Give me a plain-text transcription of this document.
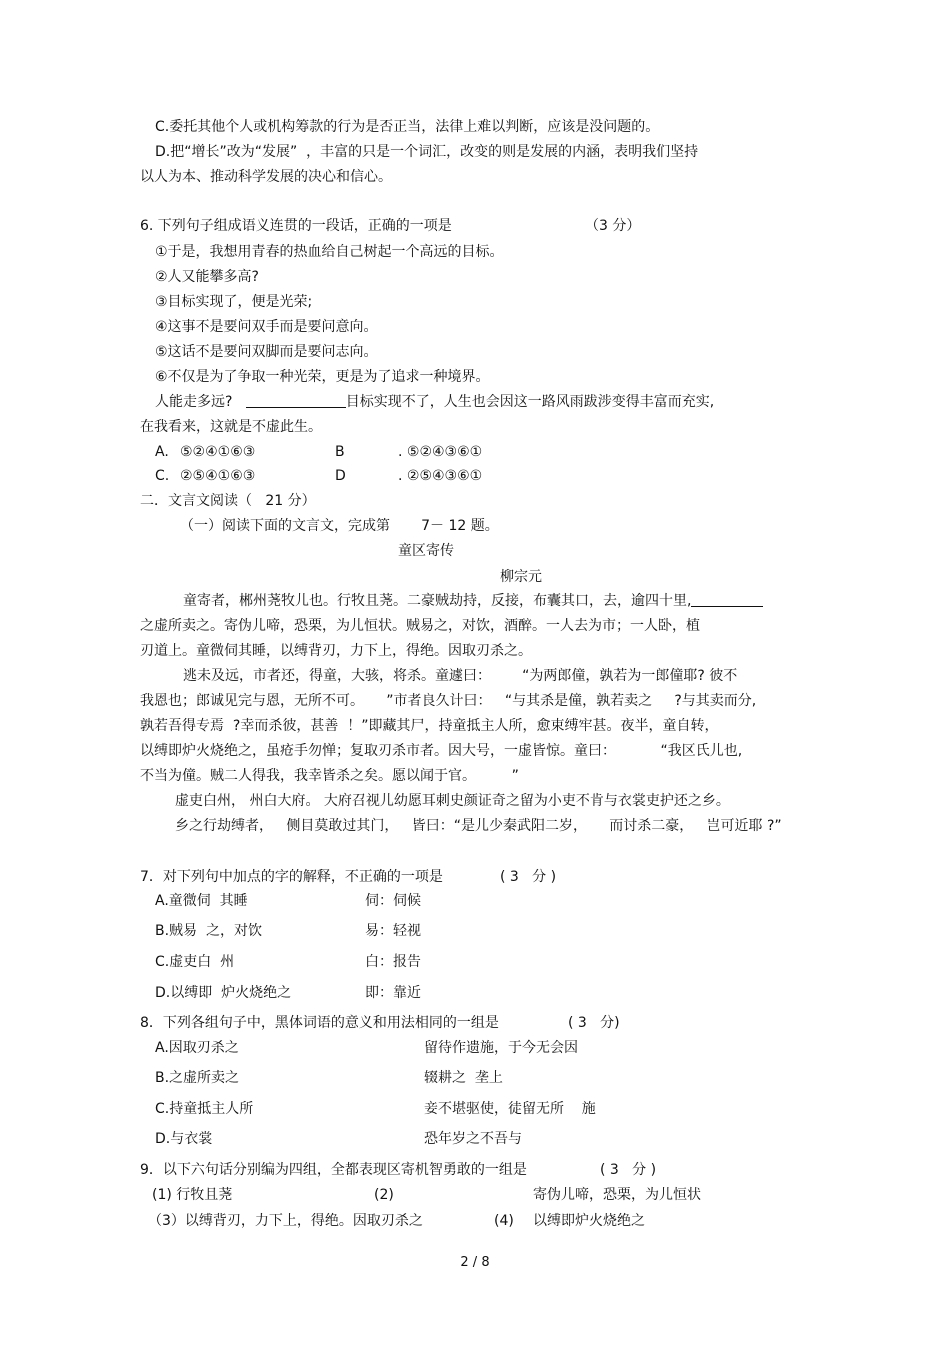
C.委托其他个人或机构筹款的行为是否正当，法律上难以判断，应该是没问题的。
D.把“增长”改为“发展”  ，丰富的只是一个词汇，改变的则是发展的内涵，表明我们坚持
以人为本、推动科学发展的决心和信心。
6. 下列句子组成语义连贯的一段话，正确的一项是	（3 分）
①于是，我想用青春的热血给自己树起一个高远的目标。
②人又能攀多高?
③目标实现了，便是光荣;
④这事不是要问双手而是要问意向。
⑤这话不是要问双脚而是要问志向。
⑥不仅是为了争取一种光荣，更是为了追求一种境界。
人能走多远?	目标实现不了，人生也会因这一路风雨跋涉变得丰富而充实,
在我看来，这就是不虚此生。
A. ⑤②④①⑥③	B	. ⑤②④③⑥①
C. ②⑤④①⑥③	D	. ②⑤④③⑥①
二．文言文阅读（   21 分）
（一）阅读下面的文言文，完成第       7－ 12 题。
童区寄传
柳宗元
童寄者，郴州荛牧儿也。行牧且荛。二豪贼劫持，反接，布囊其口，去，逾四十里,
之虚所卖之。寄伪儿啼，恐栗，为儿恒状。贼易之，对饮，酒醉。一人去为市；一人卧，植
刃道上。童微伺其睡，以缚背刃，力下上，得绝。因取刃杀之。
逃未及远，市者还，得童，大骇，将杀。童遽曰：       “为两郎僮，孰若为一郎僮耶? 彼不
我恩也；郎诚见完与恩，无所不可。     ”市者良久计曰：   “与其杀是僮，孰若卖之     ?与其卖而分,
孰若吾得专焉  ?幸而杀彼，甚善  ！”即藏其尸，持童抵主人所，愈束缚牢甚。夜半，童自转，
以缚即炉火烧绝之，虽疮手勿惮；复取刃杀市者。因大号，一虚皆惊。童曰：          “我区氏儿也,
不当为僮。贼二人得我，我幸皆杀之矣。愿以闻于官。        ”
虚吏白州， 州白大府。 大府召视儿幼愿耳刺史颜证奇之留为小吏不肯与衣裳吏护还之乡。
乡之行劫缚者，   侧目莫敢过其门，   皆曰：“是儿少秦武阳二岁，     而讨杀二豪，   岂可近耶 ?”
7．对下列句中加点的字的解释，不正确的一项是	( 3   分 )
A.童微伺  其睡	伺：伺候
B.贼易  之，对饮	易：轻视
C.虚吏白  州	白：报告
D.以缚即  炉火烧绝之	即：靠近
8．下列各组句子中，黑体词语的意义和用法相同的一组是	( 3   分)
A.因取刃杀之	留待作遗施，于今无会因
B.之虚所卖之	辍耕之  垄上
C.持童抵主人所	妾不堪驱使，徒留无所    施
D.与衣裳	恐年岁之不吾与
9．以下六句话分别编为四组，全都表现区寄机智勇敢的一组是	( 3   分 )
(1) 行牧且荛	(2)	寄伪儿啼，恐栗，为儿恒状
（3）以缚背刃，力下上，得绝。因取刃杀之	(4) 以缚即炉火烧绝之
2 / 8
